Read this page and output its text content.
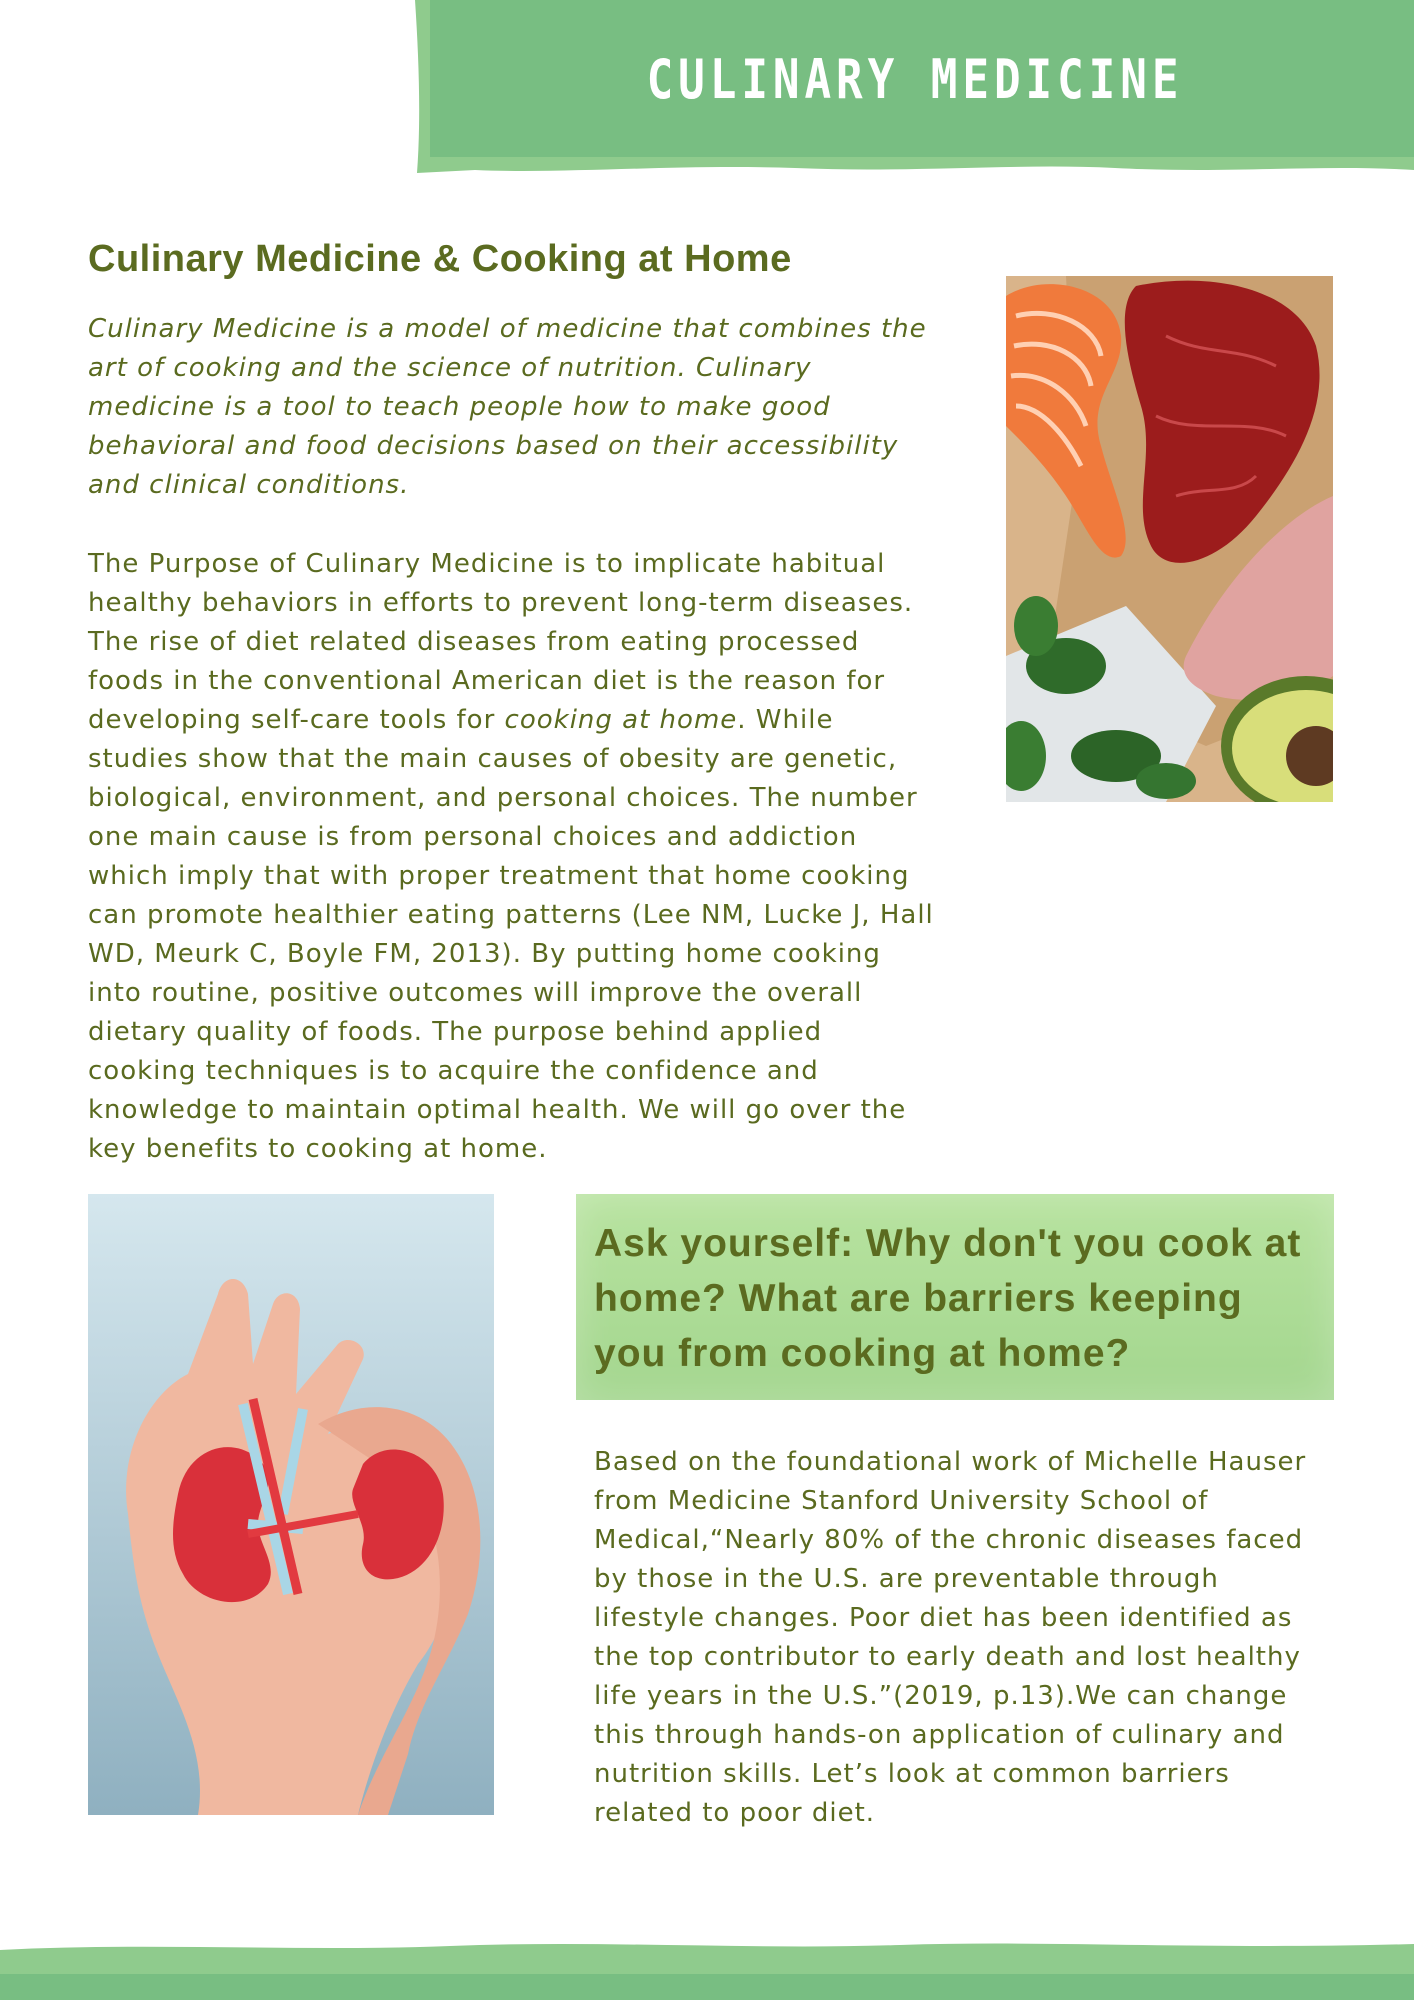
CULINARY MEDICINE
Culinary Medicine & Cooking at Home

Culinary Medicine is a model of medicine that combines the art of cooking and the science of nutrition. Culinary medicine is a tool to teach people how to make good behavioral and food decisions based on their accessibility and clinical conditions.

The Purpose of Culinary Medicine is to implicate habitual healthy behaviors in efforts to prevent long-term diseases. The rise of diet related diseases from eating processed foods in the conventional American diet is the reason for developing self-care tools for cooking at home. While studies show that the main causes of obesity are genetic, biological, environment, and personal choices. The number one main cause is from personal choices and addiction which imply that with proper treatment that home cooking can promote healthier eating patterns (Lee NM, Lucke J, Hall WD, Meurk C, Boyle FM, 2013). By putting home cooking into routine, positive outcomes will improve the overall dietary quality of foods. The purpose behind applied cooking techniques is to acquire the confidence and knowledge to maintain optimal health. We will go over the key benefits to cooking at home.

Ask yourself: Why don't you cook at home? What are barriers keeping you from cooking at home?

Based on the foundational work of Michelle Hauser from Medicine Stanford University School of Medical,“Nearly 80% of the chronic diseases faced by those in the U.S. are preventable through lifestyle changes. Poor diet has been identified as the top contributor to early death and lost healthy life years in the U.S.”(2019, p.13).We can change this through hands-on application of culinary and nutrition skills. Let’s look at common barriers related to poor diet.
